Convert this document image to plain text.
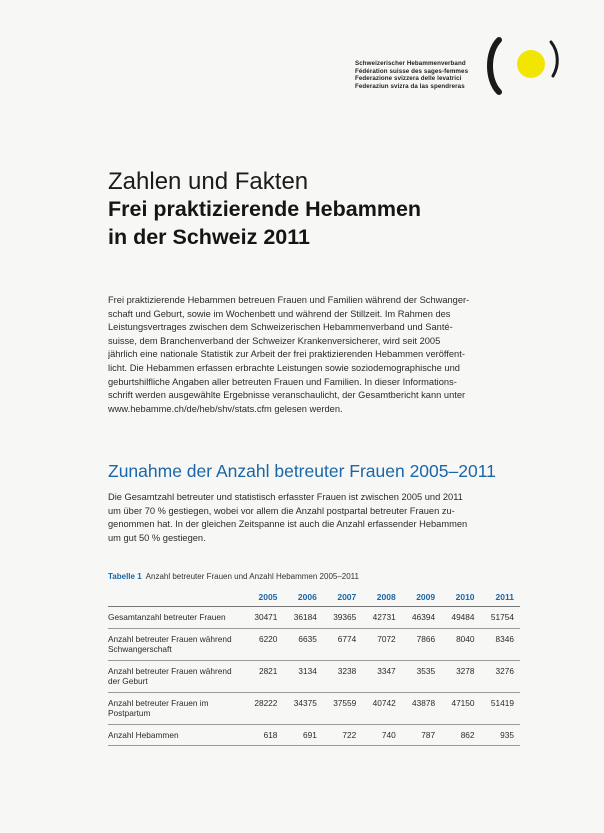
Schweizerischer Hebammenverband
Fédération suisse des sages-femmes
Federazione svizzera delle levatrici
Federaziun svizra da las spendreras
Zahlen und Fakten
Frei praktizierende Hebammen
in der Schweiz 2011
Frei praktizierende Hebammen betreuen Frauen und Familien während der Schwanger-
schaft und Geburt, sowie im Wochenbett und während der Stillzeit. Im Rahmen des
Leistungsvertrages zwischen dem Schweizerischen Hebammenverband und Santé-
suisse, dem Branchenverband der Schweizer Krankenversicherer, wird seit 2005
jährlich eine nationale Statistik zur Arbeit der frei praktizierenden Hebammen veröffent-
licht. Die Hebammen erfassen erbrachte Leistungen sowie soziodemographische und
geburtshilfliche Angaben aller betreuten Frauen und Familien. In dieser Informations-
schrift werden ausgewählte Ergebnisse veranschaulicht, der Gesamtbericht kann unter
www.hebamme.ch/de/heb/shv/stats.cfm gelesen werden.
Zunahme der Anzahl betreuter Frauen 2005–2011
Die Gesamtzahl betreuter und statistisch erfasster Frauen ist zwischen 2005 und 2011
um über 70 % gestiegen, wobei vor allem die Anzahl postpartal betreuter Frauen zu-
genommen hat. In der gleichen Zeitspanne ist auch die Anzahl erfassender Hebammen
um gut 50 % gestiegen.
Tabelle 1 Anzahl betreuter Frauen und Anzahl Hebammen 2005–2011
	2005	2006	2007	2008	2009	2010	2011
Gesamtanzahl betreuter Frauen	30471	36184	39365	42731	46394	49484	51754
Anzahl betreuter Frauen während Schwangerschaft	6220	6635	6774	7072	7866	8040	8346
Anzahl betreuter Frauen während der Geburt	2821	3134	3238	3347	3535	3278	3276
Anzahl betreuter Frauen im Postpartum	28222	34375	37559	40742	43878	47150	51419
Anzahl Hebammen	618	691	722	740	787	862	935
